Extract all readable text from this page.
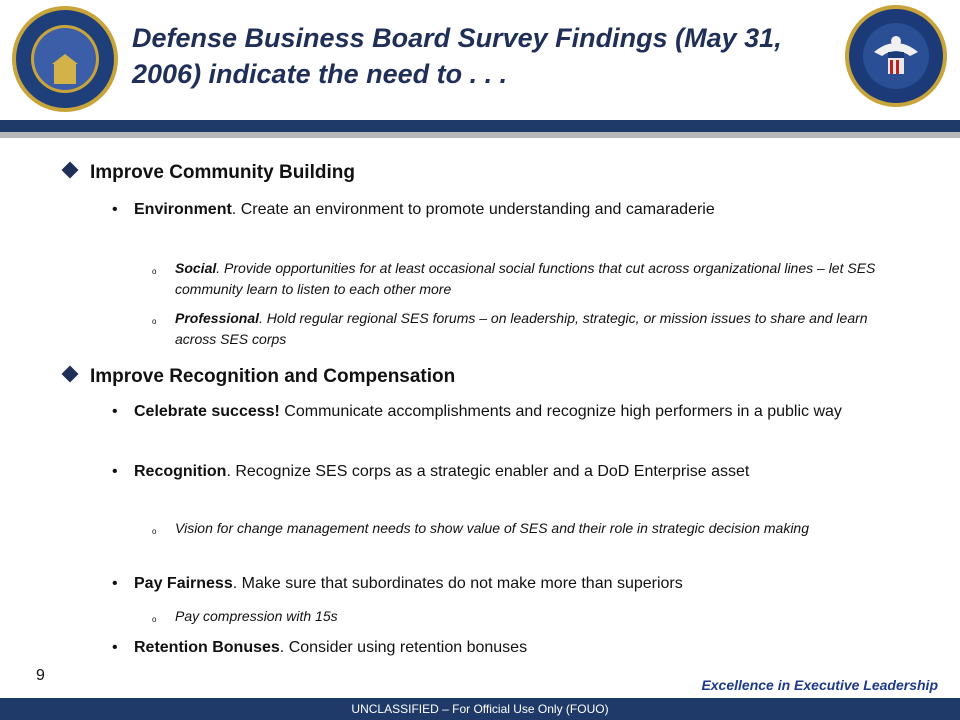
Defense Business Board Survey Findings (May 31, 2006) indicate the need to . . .
Improve Community Building
• Environment. Create an environment to promote understanding and camaraderie
o Social. Provide opportunities for at least occasional social functions that cut across organizational lines – let SES community learn to listen to each other more
o Professional. Hold regular regional SES forums – on leadership, strategic, or mission issues to share and learn across SES corps
Improve Recognition and Compensation
• Celebrate success! Communicate accomplishments and recognize high performers in a public way
• Recognition. Recognize SES corps as a strategic enabler and a DoD Enterprise asset
o Vision for change management needs to show value of SES and their role in strategic decision making
• Pay Fairness. Make sure that subordinates do not make more than superiors
o Pay compression with 15s
• Retention Bonuses. Consider using retention bonuses
9
Excellence in Executive Leadership
UNCLASSIFIED – For Official Use Only (FOUO)
